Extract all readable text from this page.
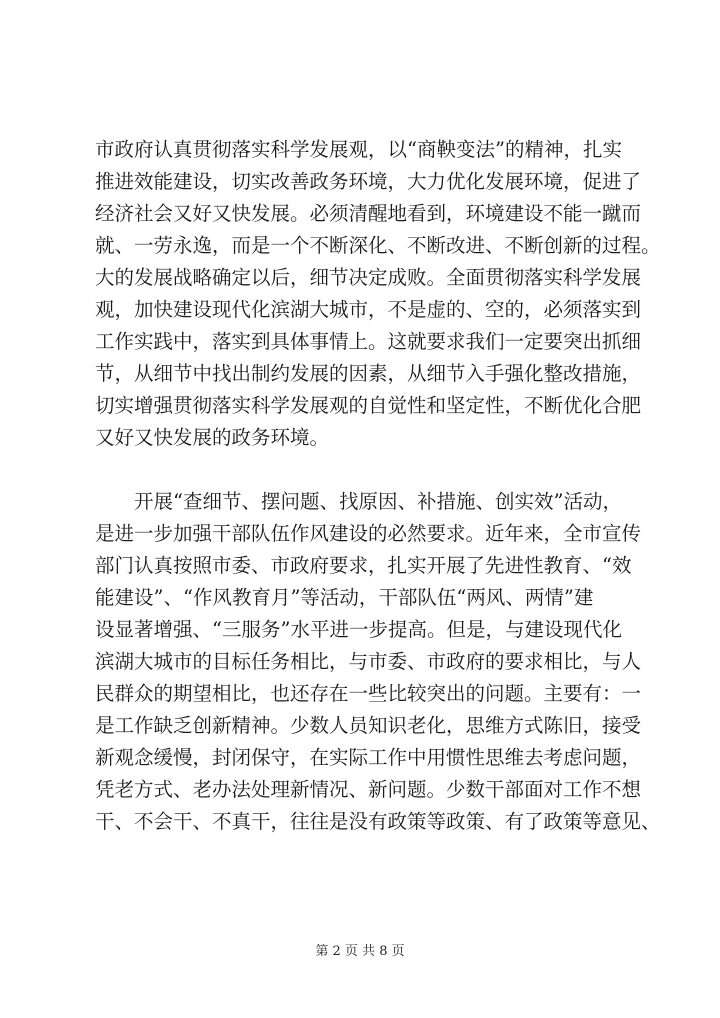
市政府认真贯彻落实科学发展观，以“商鞅变法”的精神，扎实

推进效能建设，切实改善政务环境，大力优化发展环境，促进了

经济社会又好又快发展。必须清醒地看到，环境建设不能一蹴而

就、一劳永逸，而是一个不断深化、不断改进、不断创新的过程。

大的发展战略确定以后，细节决定成败。全面贯彻落实科学发展

观，加快建设现代化滨湖大城市，不是虚的、空的，必须落实到

工作实践中，落实到具体事情上。这就要求我们一定要突出抓细

节，从细节中找出制约发展的因素，从细节入手强化整改措施，

切实增强贯彻落实科学发展观的自觉性和坚定性，不断优化合肥

又好又快发展的政务环境。

开展“查细节、摆问题、找原因、补措施、创实效”活动，

是进一步加强干部队伍作风建设的必然要求。近年来，全市宣传

部门认真按照市委、市政府要求，扎实开展了先进性教育、“效

能建设”、“作风教育月”等活动，干部队伍“两风、两情”建

设显著增强、“三服务”水平进一步提高。但是，与建设现代化

滨湖大城市的目标任务相比，与市委、市政府的要求相比，与人

民群众的期望相比，也还存在一些比较突出的问题。主要有：一

是工作缺乏创新精神。少数人员知识老化，思维方式陈旧，接受

新观念缓慢，封闭保守，在实际工作中用惯性思维去考虑问题，

凭老方式、老办法处理新情况、新问题。少数干部面对工作不想

干、不会干、不真干，往往是没有政策等政策、有了政策等意见、

第 2 页 共 8 页
